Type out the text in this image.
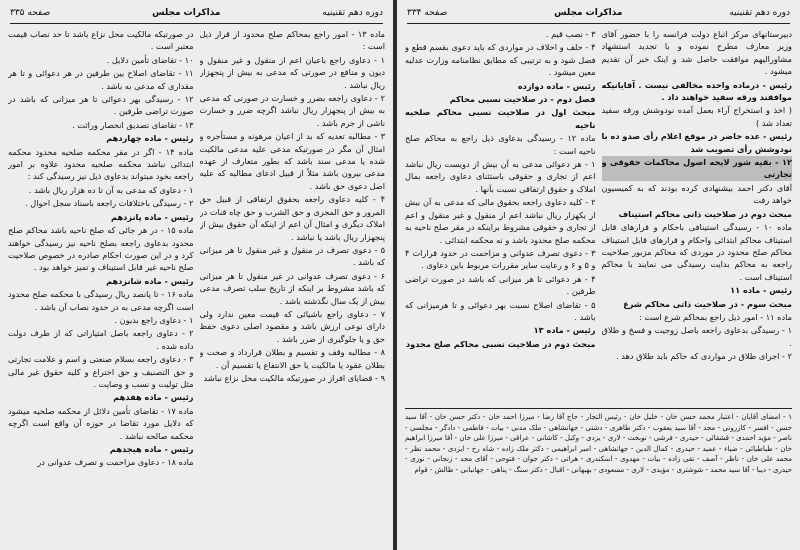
دوره دهم تقنینیه
مذاکرات مجلس
صفحه ۳۳۵

ماده ۱۳ - امور راجع بمحاکم صلح محدود از قرار ذیل است :

۱ - دعاوی راجع باعیان اعم از منقول و غیر منقول و دیون و منافع در صورتی که مدعی به بیش از پنجهزار ریال نباشد .

۲ - دعاوی راجعه بضرر و خسارت در صورتی که مدعی به بیش از پنجهزار ریال نباشد اگرچه ضرر و خسارت ناشی از جرم باشد .

۳ - مطالبه تعدیه که بد از اعیان مرهونه و مستأجره و امثال آن مگر در صورتیکه مدعی علیه مدعی مالکیت شده یا مدعی سند باشد که بطور متعارف از عهده مدعی بیرون باشد مثلاً از قبیل ادعای مطالبه که علیه اصل دعوی حق باشد .

۴ - کلیه دعاوی راجعه بحقوق ارتفاقی از قبیل حق المرور و حق المجری و حق الشرب و حق چاه قنات در املاک دیگری و امثال آن اعم از اینکه آن حقوق بیش از پنجهزار ریال باشد یا نباشد .

۵ - دعوی تصرف در منقول و غیر منقول تا هر میزانی که باشد .

۶ - دعوی تصرف عدوانی در غیر منقول تا هر میزانی که باشد مشروط بر اینکه از تاریخ سلب تصرف مدعی بیش از یک سال نگذشته باشد .

۷ - دعاوی راجع باشیائی که قیمت معین ندارد ولی دارای نوعی ارزش باشد و مقصود اصلی دعوی حفظ حق و یا جلوگیری از ضرر باشد .

۸ - مطالبه وقف و تقسیم و بطلان قرارداد و صحت و بطلان عقود یا مالکیت یا حق الانتفاع یا تقسیم آن .

۹ - قضاياى افراز در صورتيكه مالكيت محل نزاع نباشد

در صورتیکه مالکیت محل نزاع باشد تا حد نصاب قیمت معتبر است .

۱۰ - تقاضای تأمین دلایل .

۱۱ - تقاضای اصلاح بین طرفین در هر دعوائی و تا هر مقداری که مدعی به باشد .

۱۲ - رسیدگی بهر دعوائی تا هر میزانی که باشد در صورت تراضی طرفین .

۱۳ - تقاضای تصدیق انحصار وراثت .

رئیس - ماده چهاردهم

ماده ۱۴ - اگر در مقر محکمه صلحیه محدود محکمه ابتدائی نباشد محکمه صلحیه محدود علاوه بر امور راجعه بخود میتواند بدعاوی ذیل نیز رسیدگی کند :

۱ - دعاوی که مدعی به آن تا ده هزار ریال باشد .

۲ - رسیدگی باختلافات راجعه باسناد سجل احوال .

رئیس - ماده پانزدهم

ماده ۱۵ - در هر جائی که صلح ناحیه باشد محاکم صلح محدود بدعاوی راجعه بصلح ناحیه نیز رسیدگی خواهند کرد و در این صورت احکام صادره در خصوص صلاحیت صلح ناحیه غیر قابل استیناف و تمیز خواهد بود .

رئیس - ماده شانزدهم

ماده ۱۶ - تا پانصد ریال رسیدگی با محکمه صلح محدود است اگرچه مدعی به در حدود نصاب آن باشد .

۱ - دعاوی راجع بدیون .

۲ - دعاوی راجعه باصل امتیازاتی که از طرف دولت داده شده .

۳ - دعاوی راجعه بسلام صنعتی و اسم و علامت تجارتی و حق التصنیف و حق اختراع و کلیه حقوق غیر مالی مثل تولیت و نسب و وصایت .

رئیس - ماده هفدهم

ماده ۱۷ - تقاضای تأمین دلائل از محکمه صلحیه میشود که دلایل مورد تقاضا در حوزه آن واقع است اگرچه محکمه صالحه نباشد .

رئیس - ماده هیجدهم

ماده ۱۸ - دعاوی مزاحمت و تصرف عدوانی در

دوره دهم تقنینیه
مذاکرات مجلس
صفحه ۳۳۴

دبیرستانهای مرکز اتباع دولت فرانسه را با حضور آقای وزیر معارف مطرح نموده و با تجدید استشهاد مشاورالیهم موافقت حاصل شد و اینک خبر آن تقدیم میشود .

رئیس - درماده واحده مخالفی نیست . آقایانیکه موافقند ورقه سفید خواهند داد .

( اخذ و استخراج آراء بعمل آمده نودوشش ورقه سفید تعداد شد )

رئیس - عده حاضر در موقع اعلام رأی صدو ده با نودوشش رأی تصویب شد

۱۲ - بقیه شور لایحه اصول محاکمات حقوقی و تجارتی

آقای دکتر احمد بیشنهادی کرده بودند که به کمیسیون خواهد رفت

مبحث دوم در صلاحیت ذاتی محاکم استیناف

ماده ۱۰ - رسیدگی استینافی باحکام و قرارهای قابل استیناف محاکم ابتدائی واحکام و قرارهای قابل استیناف محاکم صلح محدود در موردی که محاکم مزبور صلاحیت راجعه به محاکم بدایت رسیدگی می نمایند با محاکم استیناف است .

رئیس - ماده ۱۱

مبحث سوم - در صلاحیت ذاتی محاکم شرع

ماده ۱۱ - امور ذیل راجع بمحاکم شرع است :

۱ - رسیدگی بدعاوی راجعه باصل زوجیت و فسخ و طلاق .

۲ - اجرای طلاق در مواردی که حاکم باید طلاق دهد .

۳ - نصب قیم .

۴ - حلف و احلاف در مواردی که باید دعوی بقسم قطع و فصل شود و به ترتیبی که مطابق نظامنامه وزارت عدلیه معین میشود .

رئیس - ماده دوازده

فصل دوم - در صلاحیت نسبی محاکم

مبحث اول در صلاحیت نسبی محاکم صلحیه ناحیه

ماده ۱۲ - رسیدگی بدعاوی ذیل راجع به محاکم صلح ناحیه است :

۱ - هر دعوائی مدعی به آن بیش از دویست ریال نباشد اعم از تجاری و حقوقی باستثنای دعاوی راجعه بمال املاک و حقوق ارتفاقی نسبت بآنها .

۲ - کلیه دعاوی راجعه بحقوق مالی که مدعی به آن بیش از یکهزار ریال نباشد اعم از منقول و غیر منقول و اعم از تجاری و حقوقی مشروط براینکه در مقر صلح ناحیه به محکمه صلح محدود باشد و نه محکمه ابتدائی .

۳ - دعوی تصرف عدوانی و مزاحمت در حدود قرارات ۴ و ۵ و ۶ و رعایت سایر مقررات مربوط باین دعاوی .

۴ - هر دعوائی تا هر میزانی که باشد در صورت تراضی طرفین .

۵ - تقاضای اصلاح نسبت بهر دعوائی و تا هرمیزانی که باشد .

رئیس - ماده ۱۳

مبحث دوم در صلاحیت نسبی محاکم صلح محدود

۱ - امضای آقایان - اعتبار محمد حسن خان - خلیل خان - رئیس التجار - حاج آقا رضا - میرزا احمد خان - دکتر حسن خان - آقا سید حسن - افسر - کازرونی - مجد - آقا سید یعقوب - دکتر طاهری - دشتی - جهانشاهی - ملک مدنی - بیات - فاطمی - دادگر - مجلسی - ناصر - مؤید احمدی - قشقائی - حیدری - فرشی - نوبخت - لاری - یزدی - وکیل - کاشانی - عراقی - میرزا علی خان - آقا میرزا ابراهیم خان - طباطبائی - ضیاء - عمید - حیدری - کمال الدین - جهانشاهی - امیر ابراهیمی - دکتر ملک زاده - شاه رخ - ایزدی - محمد نظر - محمد علی خان - ناظر - آصف - تقی زاده - بیات - مهدوی - اسکندری - هراتی - دکتر جوان - فتوحی - آقای مجد - زنجانی - نوری - حیدری - دیبا - آقا سید محمد - شوشتری - مؤیدی - لاری - مسعودی - بهبهانی - اقبال - دکتر سنگ - پناهی - جهانبانی - طالش - قوام
